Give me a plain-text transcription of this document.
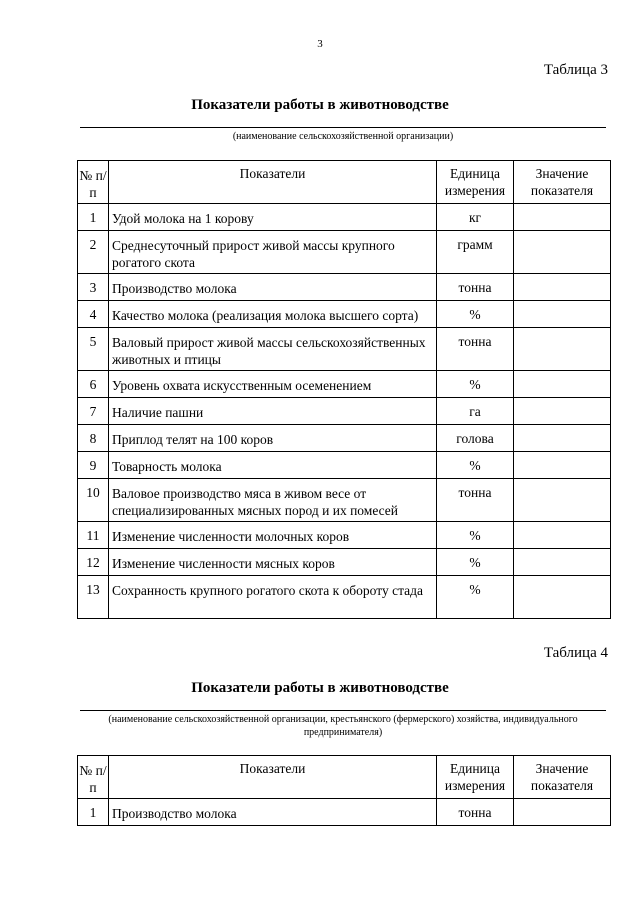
3
Таблица 3
Показатели работы в животноводстве
(наименование сельскохозяйственной организации)
№ п/п	Показатели	Единица измерения	Значение показателя
1	Удой молока на 1 корову	кг	
2	Среднесуточный прирост живой массы крупного рогатого скота	грамм	
3	Производство молока	тонна	
4	Качество молока (реализация молока высшего сорта)	%	
5	Валовый прирост живой массы сельскохозяйственных животных и птицы	тонна	
6	Уровень охвата искусственным осеменением	%	
7	Наличие пашни	га	
8	Приплод телят на 100 коров	голова	
9	Товарность молока	%	
10	Валовое производство мяса в живом весе от специализированных мясных пород и их помесей	тонна	
11	Изменение численности молочных коров	%	
12	Изменение численности мясных коров	%	
13	Сохранность крупного рогатого скота к обороту стада	%	
Таблица 4
Показатели работы в животноводстве
(наименование сельскохозяйственной организации, крестьянского (фермерского) хозяйства, индивидуального предпринимателя)
№ п/п	Показатели	Единица измерения	Значение показателя
1	Производство молока	тонна	
